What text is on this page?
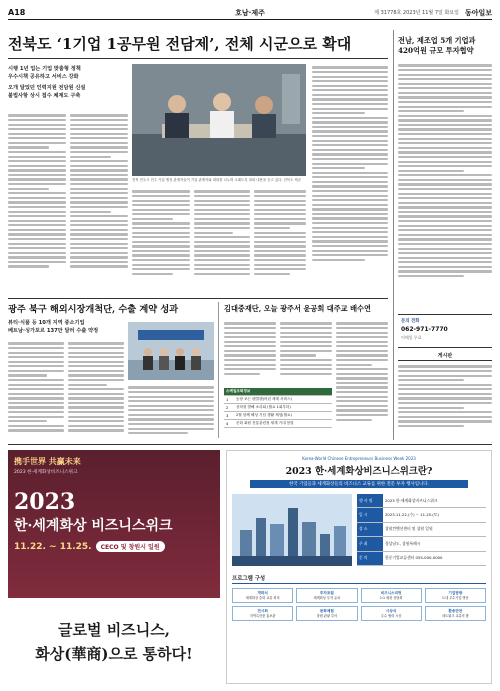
A18	호남·제주	제 31778호 2023년 11월 7일 화요일 동아일보
전북도 ‘1기업 1공무원 전담제’, 전체 시군으로 확대
시행 1년 업는 기업 맞춤형 정책
우수시책 공유하고 서비스 강화
오개 달었던 인력지원 전담원 신설
불법사항 상시 접수 체계도 구축
전북 전주시 전주 기업 행정 관계자들이 기업 관계자와 대화를 나누며 오래도록 대화 내용을 듣고 있다. 전북도 제공
전남, 제조업 5개 기업과
420억원 규모 투자협약
문의 전화
062-971-7770
이메일 무료
게시판
광주 북구 해외시장개척단, 수출 계약 성과
뷰티·식품 등 10개 지역 중소기업
베트남·싱가포르 137만 달러 수출 약정
김대중재단, 오늘 광주서 윤공회 대주교 배수연
스케일조회정보	
1	농장 보는 팬클랜(어린 세계 서비스)
2	상하청 발해 소리와 (월요 1회부터)
3	2월 함께 해성 기념 생활 체험(월요)
4	문화 회원 전통관련정 세계 기대 봄말
携手世界 共赢未来
2023 한·세계화상비즈니스위크
2023
한·세계화상 비즈니스위크
11.22. ~ 11.25.	CECO 및 창원시 일원
글로벌 비즈니스,
화상(華商)으로 통하다!
Korea-World Chinese Entrepreneurs Business Week 2023
2023 한·세계화상비즈니스위크란?
한국 기업들과 세계화상들의 비즈니스 교류를 위한 전문 투자 행사입니다.
행 사 명	2023 한·세계화상비즈니스위크
일 시	2023.11.22.(수) ~ 11.25.(토)
장 소	창원컨벤션센터 및 창원 일원
주 최	경상남도, 창원특례시
문 의	한중기업교류센터 055-000-0000
프로그램 구성
개막식
세계화상 중화 교류 회의
투자포럼
세계화상 투자 유치
비즈니스미팅
1:1 매칭 상담회
기업탐방
도내 우수기업 방문
전시회
지역특산품 홍보관
문화체험
창원 관광 투어
시상식
우수 협력 시상
환송만찬
네트워크 교류의 밤
